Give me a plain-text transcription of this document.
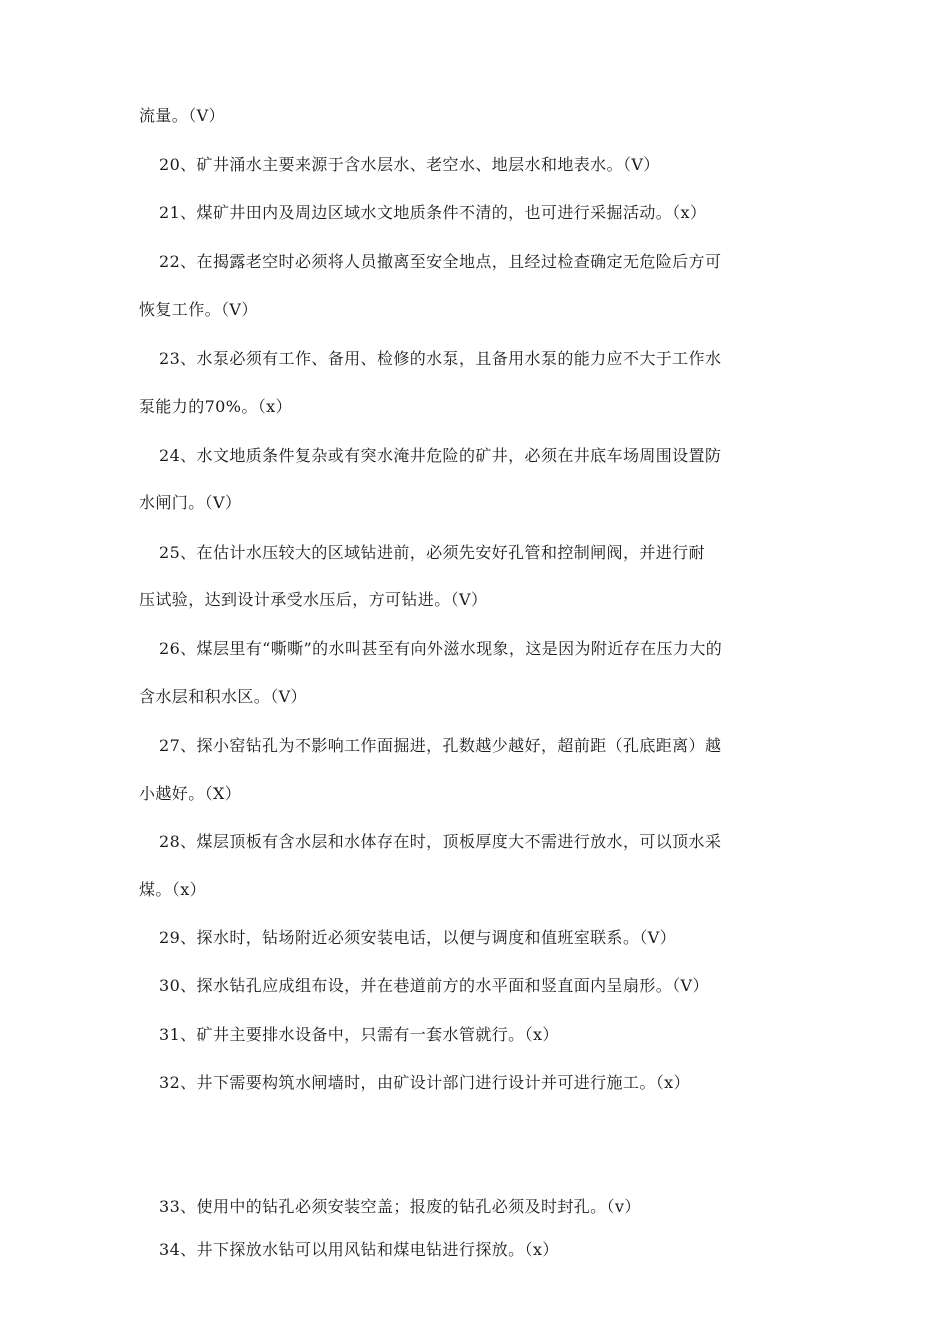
流量。（V）
20、矿井涌水主要来源于含水层水、老空水、地层水和地表水。（V）
21、煤矿井田内及周边区域水文地质条件不清的，也可进行采掘活动。（x）
22、在揭露老空时必须将人员撤离至安全地点，且经过检查确定无危险后方可
恢复工作。（V）
23、水泵必须有工作、备用、检修的水泵，且备用水泵的能力应不大于工作水
泵能力的70%。（x）
24、水文地质条件复杂或有突水淹井危险的矿井，必须在井底车场周围设置防
水闸门。（V）
25、在估计水压较大的区域钻进前，必须先安好孔管和控制闸阀，并进行耐
压试验，达到设计承受水压后，方可钻进。（V）
26、煤层里有“嘶嘶”的水叫甚至有向外滋水现象，这是因为附近存在压力大的
含水层和积水区。（V）
27、探小窑钻孔为不影响工作面掘进，孔数越少越好，超前距（孔底距离）越
小越好。（X）
28、煤层顶板有含水层和水体存在时，顶板厚度大不需进行放水，可以顶水采
煤。（x）
29、探水时，钻场附近必须安装电话，以便与调度和值班室联系。（V）
30、探水钻孔应成组布设，并在巷道前方的水平面和竖直面内呈扇形。（V）
31、矿井主要排水设备中，只需有一套水管就行。（x）
32、井下需要构筑水闸墙时，由矿设计部门进行设计并可进行施工。（x）
33、使用中的钻孔必须安装空盖；报废的钻孔必须及时封孔。（v）
34、井下探放水钻可以用风钻和煤电钻进行探放。（x）
